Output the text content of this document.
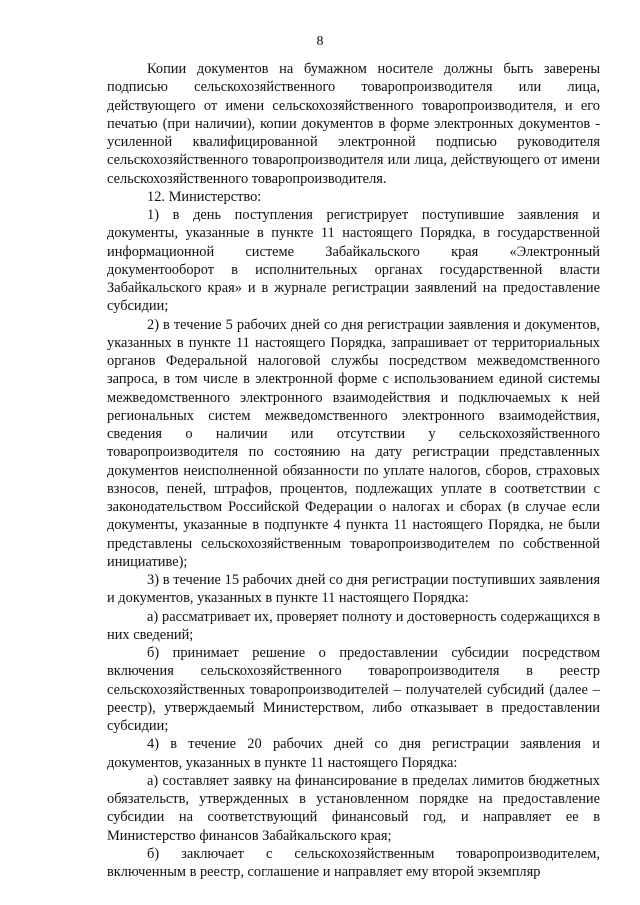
8

Копии документов на бумажном носителе должны быть заверены подписью сельскохозяйственного товаропроизводителя или лица, действующего от имени сельскохозяйственного товаропроизводителя, и его печатью (при наличии), копии документов в форме электронных документов - усиленной квалифицированной электронной подписью руководителя сельскохозяйственного товаропроизводителя или лица, действующего от имени сельскохозяйственного товаропроизводителя.

12. Министерство:

1) в день поступления регистрирует поступившие заявления и документы, указанные в пункте 11 настоящего Порядка, в государственной информационной системе Забайкальского края «Электронный документооборот в исполнительных органах государственной власти Забайкальского края» и в журнале регистрации заявлений на предоставление субсидии;

2) в течение 5 рабочих дней со дня регистрации заявления и документов, указанных в пункте 11 настоящего Порядка, запрашивает от территориальных органов Федеральной налоговой службы посредством межведомственного запроса, в том числе в электронной форме с использованием единой системы межведомственного электронного взаимодействия и подключаемых к ней региональных систем межведомственного электронного взаимодействия, сведения о наличии или отсутствии у сельскохозяйственного товаропроизводителя по состоянию на дату регистрации представленных документов неисполненной обязанности по уплате налогов, сборов, страховых взносов, пеней, штрафов, процентов, подлежащих уплате в соответствии с законодательством Российской Федерации о налогах и сборах (в случае если документы, указанные в подпункте 4 пункта 11 настоящего Порядка, не были представлены сельскохозяйственным товаропроизводителем по собственной инициативе);

3) в течение 15 рабочих дней со дня регистрации поступивших заявления и документов, указанных в пункте 11 настоящего Порядка:

а) рассматривает их, проверяет полноту и достоверность содержащихся в них сведений;

б) принимает решение о предоставлении субсидии посредством включения сельскохозяйственного товаропроизводителя в реестр сельскохозяйственных товаропроизводителей – получателей субсидий (далее – реестр), утверждаемый Министерством, либо отказывает в предоставлении субсидии;

4) в течение 20 рабочих дней со дня регистрации заявления и документов, указанных в пункте 11 настоящего Порядка:

а) составляет заявку на финансирование в пределах лимитов бюджетных обязательств, утвержденных в установленном порядке на предоставление субсидии на соответствующий финансовый год, и направляет ее в Министерство финансов Забайкальского края;

б) заключает с сельскохозяйственным товаропроизводителем, включенным в реестр, соглашение и направляет ему второй экземпляр
